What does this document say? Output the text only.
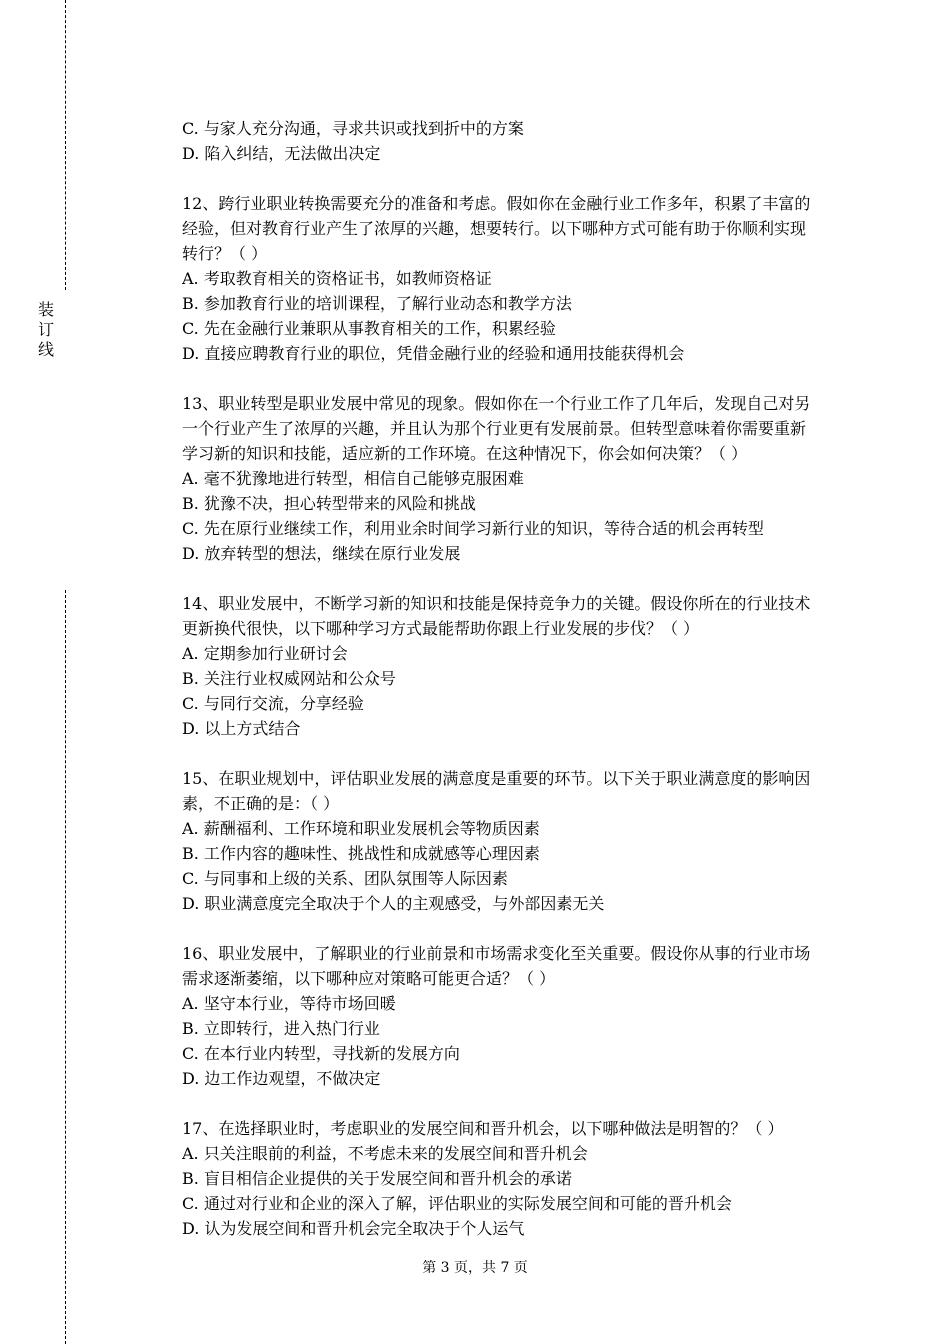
装
订
线
C. 与家人充分沟通，寻求共识或找到折中的方案
D. 陷入纠结，无法做出决定
12、跨行业职业转换需要充分的准备和考虑。假如你在金融行业工作多年，积累了丰富的
经验，但对教育行业产生了浓厚的兴趣，想要转行。以下哪种方式可能有助于你顺利实现
转行？（ ）
A. 考取教育相关的资格证书，如教师资格证
B. 参加教育行业的培训课程，了解行业动态和教学方法
C. 先在金融行业兼职从事教育相关的工作，积累经验
D. 直接应聘教育行业的职位，凭借金融行业的经验和通用技能获得机会
13、职业转型是职业发展中常见的现象。假如你在一个行业工作了几年后，发现自己对另
一个行业产生了浓厚的兴趣，并且认为那个行业更有发展前景。但转型意味着你需要重新
学习新的知识和技能，适应新的工作环境。在这种情况下，你会如何决策？（ ）
A. 毫不犹豫地进行转型，相信自己能够克服困难
B. 犹豫不决，担心转型带来的风险和挑战
C. 先在原行业继续工作，利用业余时间学习新行业的知识，等待合适的机会再转型
D. 放弃转型的想法，继续在原行业发展
14、职业发展中，不断学习新的知识和技能是保持竞争力的关键。假设你所在的行业技术
更新换代很快，以下哪种学习方式最能帮助你跟上行业发展的步伐？（ ）
A. 定期参加行业研讨会
B. 关注行业权威网站和公众号
C. 与同行交流，分享经验
D. 以上方式结合
15、在职业规划中，评估职业发展的满意度是重要的环节。以下关于职业满意度的影响因
素，不正确的是：（ ）
A. 薪酬福利、工作环境和职业发展机会等物质因素
B. 工作内容的趣味性、挑战性和成就感等心理因素
C. 与同事和上级的关系、团队氛围等人际因素
D. 职业满意度完全取决于个人的主观感受，与外部因素无关
16、职业发展中，了解职业的行业前景和市场需求变化至关重要。假设你从事的行业市场
需求逐渐萎缩，以下哪种应对策略可能更合适？（ ）
A. 坚守本行业，等待市场回暖
B. 立即转行，进入热门行业
C. 在本行业内转型，寻找新的发展方向
D. 边工作边观望，不做决定
17、在选择职业时，考虑职业的发展空间和晋升机会，以下哪种做法是明智的？（ ）
A. 只关注眼前的利益，不考虑未来的发展空间和晋升机会
B. 盲目相信企业提供的关于发展空间和晋升机会的承诺
C. 通过对行业和企业的深入了解，评估职业的实际发展空间和可能的晋升机会
D. 认为发展空间和晋升机会完全取决于个人运气
第 3 页，共 7 页
